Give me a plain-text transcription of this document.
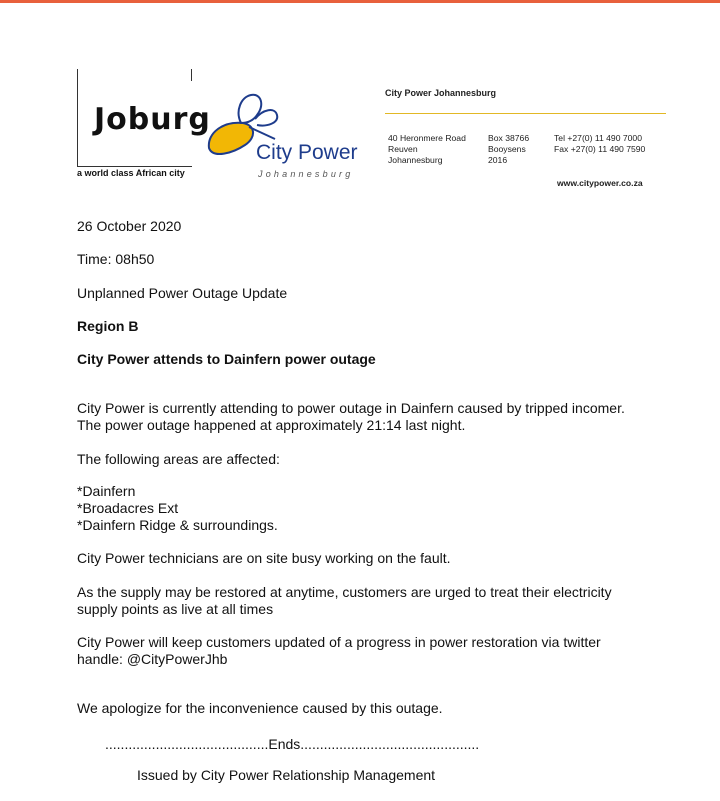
Joburg
a world class African city
City Power
Johannesburg
City Power Johannesburg
40 Heronmere Road
Reuven
Johannesburg
Box 38766
Booysens
2016
Tel +27(0) 11 490 7000
Fax +27(0) 11 490 7590
www.citypower.co.za
26 October 2020
Time: 08h50
Unplanned Power Outage Update
Region B
City Power attends to Dainfern power outage
City Power is currently attending to power outage in Dainfern caused by tripped incomer.
The power outage happened at approximately 21:14 last night.
The following areas are affected:
*Dainfern
*Broadacres Ext
*Dainfern Ridge & surroundings.
City Power technicians are on site busy working on the fault.
As the supply may be restored at anytime, customers are urged to treat their electricity
supply points as live at all times
City Power will keep customers updated of a progress in power restoration via twitter
handle: @CityPowerJhb
We apologize for the inconvenience caused by this outage.
..........................................Ends..............................................
Issued by City Power Relationship Management
